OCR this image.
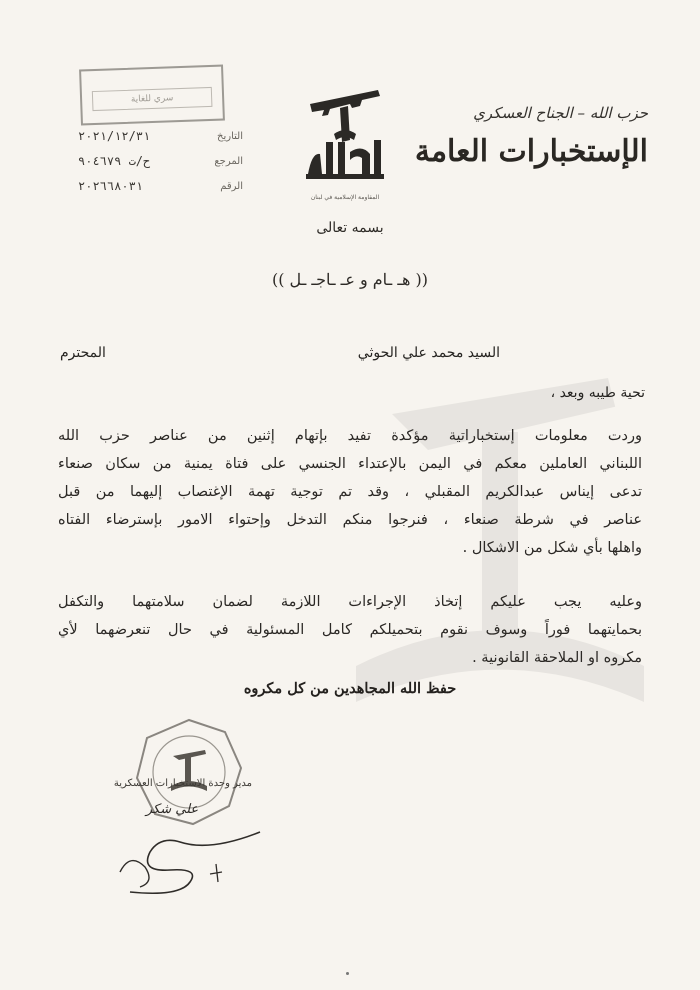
حزب الله – الجناح العسكري
الإستخبارات العامة
المقاومة الإسلامية في لبنان
سري للغاية
٢٠٢١/١٢/٣١	التاريخ
ح/ت ٩٠٤٦٧٩	المرجع
٢٠٢٦٦٨٠٣١	الرقم
بسمه تعالى
(( هـ ـام و عـ ـاجـ ـل ))
السيد محمد علي الحوثي
المحترم
تحية طيبه وبعد ،
وردت معلومات إستخباراتية مؤكدة تفيد بإتهام إثنين من عناصر حزب الله
اللبناني العاملين معكم في اليمن بالإعتداء الجنسي على فتاة يمنية من سكان صنعاء
تدعى إيناس عبدالكريم المقبلي ، وقد تم توجية تهمة الإغتصاب إليهما من قبل
عناصر في شرطة صنعاء ، فنرجوا منكم التدخل وإحتواء الامور بإسترضاء الفتاه
واهلها بأي شكل من الاشكال .
وعليه يجب عليكم إتخاذ الإجراءات اللازمة لضمان سلامتهما والتكفل
بحمايتهما فوراً وسوف نقوم بتحميلكم كامل المسئولية في حال تنعرضهما لأي
مكروه او الملاحقة القانونية .
حفظ الله المجاهدين من كل مكروه
مدير وحدة الاستخبارات العسكرية
علي شكر
